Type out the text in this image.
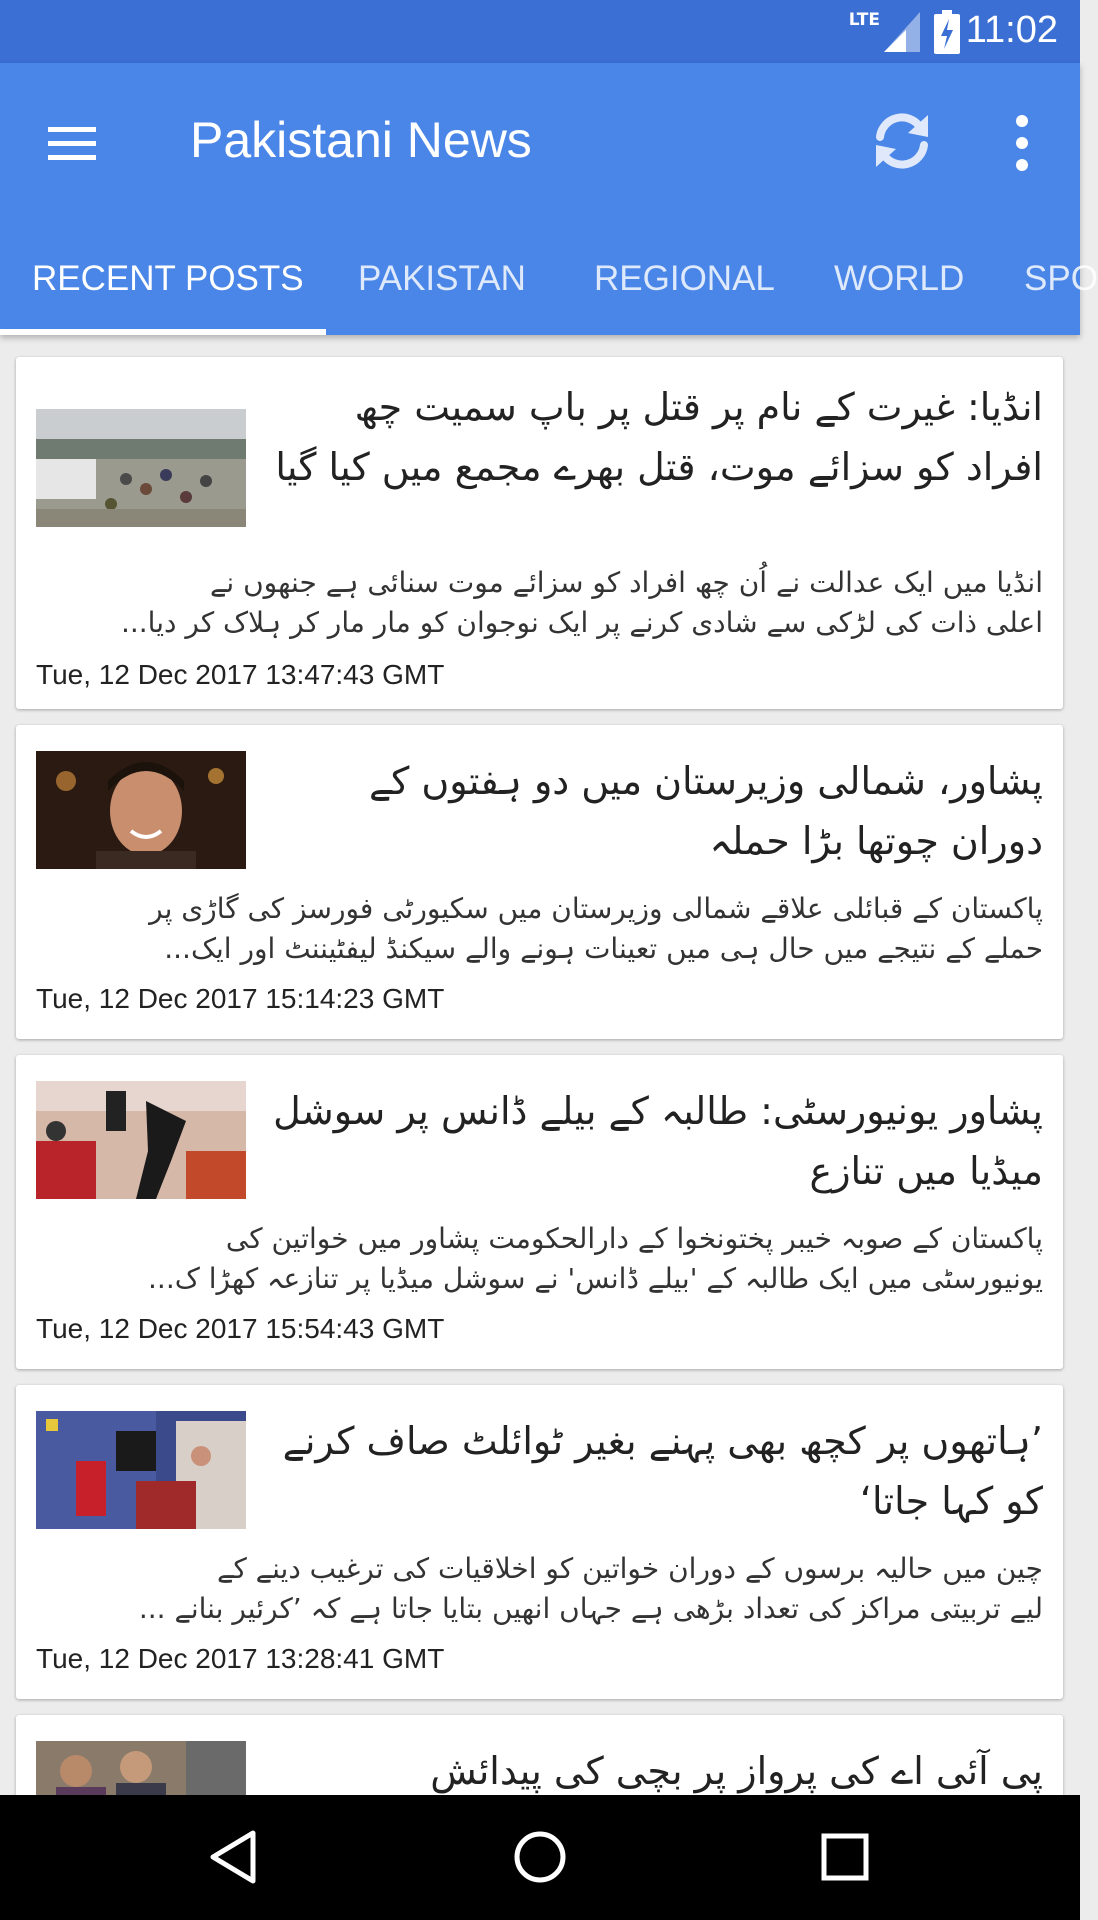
LTE 11:02
Pakistani News
RECENT POSTS PAKISTAN REGIONAL WORLD SPO
انڈیا: غیرت کے نام پر قتل پر باپ سمیت چھ افراد کو سزائے موت، قتل بھرے مجمع میں کیا گیا
انڈیا میں ایک عدالت نے اُن چھ افراد کو سزائے موت سنائی ہے جنھوں نے
اعلی ذات کی لڑکی سے شادی کرنے پر ایک نوجوان کو مار مار کر ہلاک کر دیا...
Tue, 12 Dec 2017 13:47:43 GMT
پشاور، شمالی وزیرستان میں دو ہفتوں کے دوران چوتھا بڑا حملہ
پاکستان کے قبائلی علاقے شمالی وزیرستان میں سکیورٹی فورسز کی گاڑی پر
حملے کے نتیجے میں حال ہی میں تعینات ہونے والے سیکنڈ لیفٹیننٹ اور ایک...
Tue, 12 Dec 2017 15:14:23 GMT
پشاور یونیورسٹی: طالبہ کے بیلے ڈانس پر سوشل میڈیا میں تنازع
پاکستان کے صوبہ خیبر پختونخوا کے دارالحکومت پشاور میں خواتین کی
یونیورسٹی میں ایک طالبہ کے 'بیلے ڈانس' نے سوشل میڈیا پر تنازعہ کھڑا ک...
Tue, 12 Dec 2017 15:54:43 GMT
’ہاتھوں پر کچھ بھی پہنے بغیر ٹوائلٹ صاف کرنے کو کہا جاتا‘
چین میں حالیہ برسوں کے دوران خواتین کو اخلاقیات کی ترغیب دینے کے
لیے تربیتی مراکز کی تعداد بڑھی ہے جہاں انھیں بتایا جاتا ہے کہ ’کرئیر بنانے ...
Tue, 12 Dec 2017 13:28:41 GMT
پی آئی اے کی پرواز پر بچی کی پیدائش
